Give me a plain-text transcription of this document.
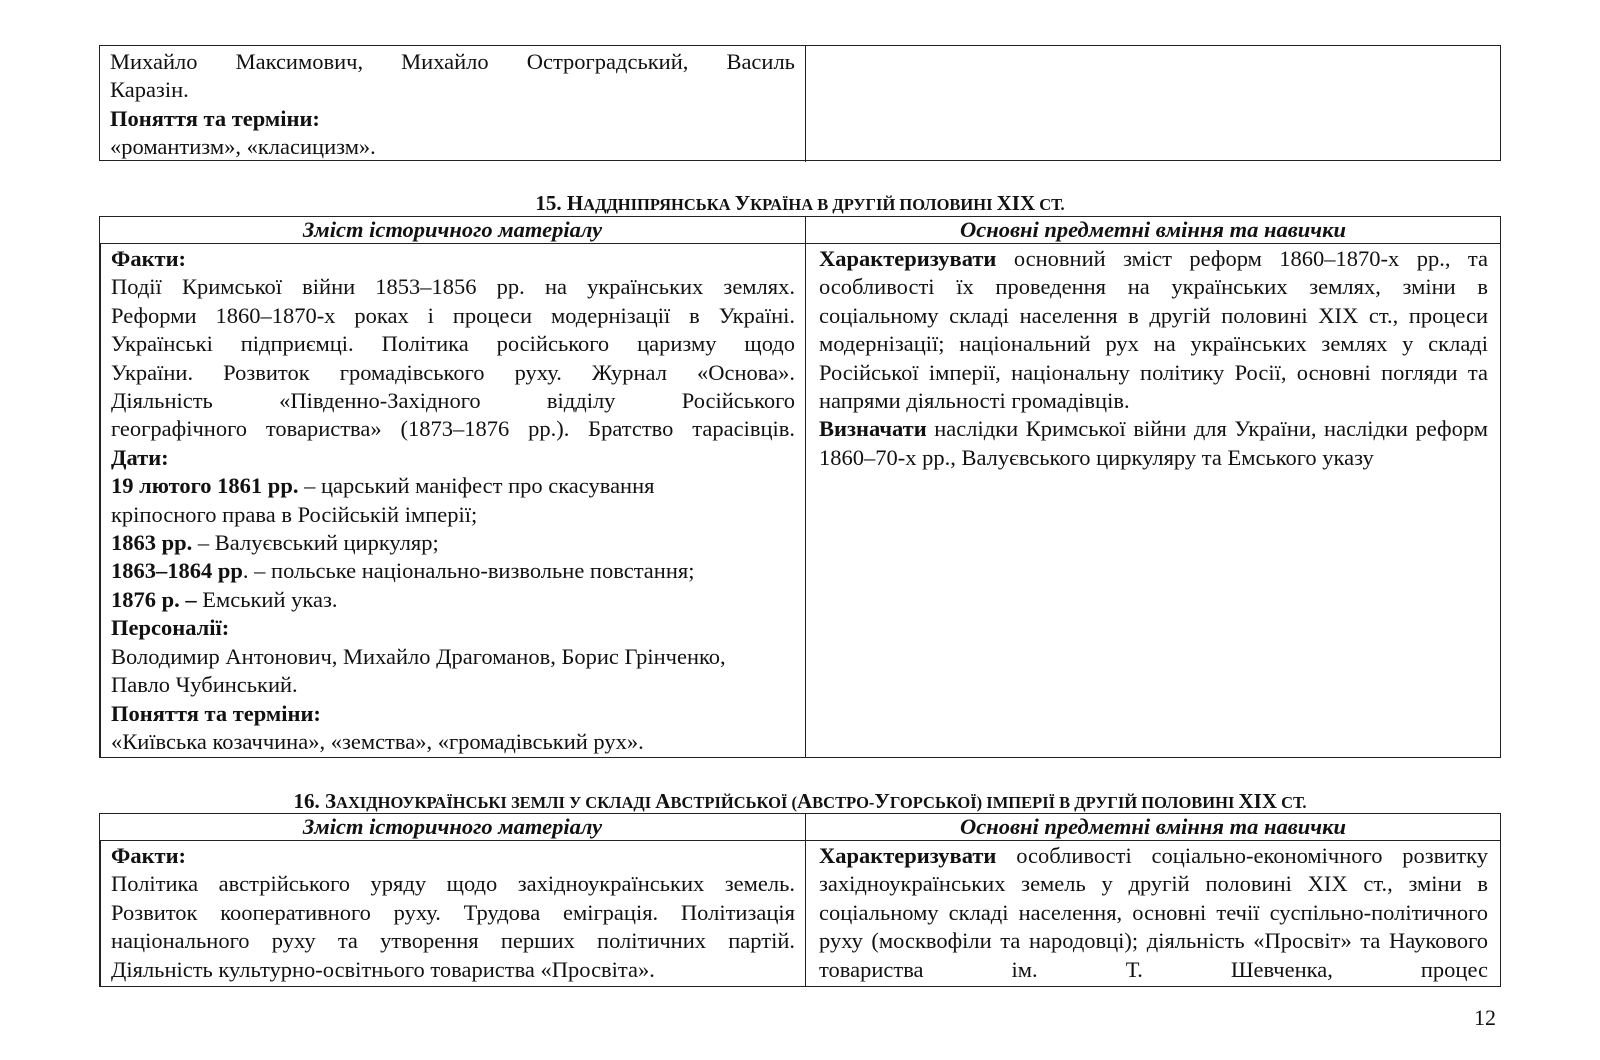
Михайло Максимович, Михайло Остроградський, Василь
Каразін.
Поняття та терміни:
«романтизм», «класицизм».
15. НАДДНІПРЯНСЬКА УКРАЇНА В ДРУГІЙ ПОЛОВИНІ XIX СТ.
Зміст історичного матеріалу	Основні предметні вміння та навички
Факти:
Події Кримської війни 1853–1856 рр. на українських землях.
Реформи 1860–1870-х роках і процеси модернізації в Україні.
Українські підприємці. Політика російського царизму щодо
України. Розвиток громадівського руху. Журнал «Основа».
Діяльність «Південно-Західного відділу Російського
географічного товариства» (1873–1876 рр.). Братство тарасівців.
Дати:
19 лютого 1861 рр. – царський маніфест про скасування
кріпосного права в Російській імперії;
1863 рр. – Валуєвський циркуляр;
1863–1864 рр. – польське національно-визвольне повстання;
1876 р. – Емський указ.
Персоналії:
Володимир Антонович, Михайло Драгоманов, Борис Грінченко,
Павло Чубинський.
Поняття та терміни:
«Київська козаччина», «земства», «громадівський рух».
Характеризувати основний зміст реформ 1860–1870-х рр., та особливості їх проведення на українських землях, зміни в соціальному складі населення в другій половині XIX ст., процеси модернізації; національний рух на українських землях у складі Російської імперії, національну політику Росії, основні погляди та напрями діяльності громадівців.
Визначати наслідки Кримської війни для України, наслідки реформ 1860–70-х рр., Валуєвського циркуляру та Емського указу
16. ЗАХІДНОУКРАЇНСЬКІ ЗЕМЛІ У СКЛАДІ АВСТРІЙСЬКОЇ (АВСТРО-УГОРСЬКОЇ) ІМПЕРІЇ В ДРУГІЙ ПОЛОВИНІ XIX СТ.
Зміст історичного матеріалу	Основні предметні вміння та навички
Факти:
Політика австрійського уряду щодо західноукраїнських земель.
Розвиток кооперативного руху. Трудова еміграція. Політизація
національного руху та утворення перших політичних партій.
Діяльність культурно-освітнього товариства «Просвіта».
Характеризувати особливості соціально-економічного розвитку західноукраїнських земель у другій половині XIX ст., зміни в соціальному складі населення, основні течії суспільно-політичного руху (москвофіли та народовці); діяльність «Просвіт» та Наукового товариства ім. Т. Шевченка, процес
12
